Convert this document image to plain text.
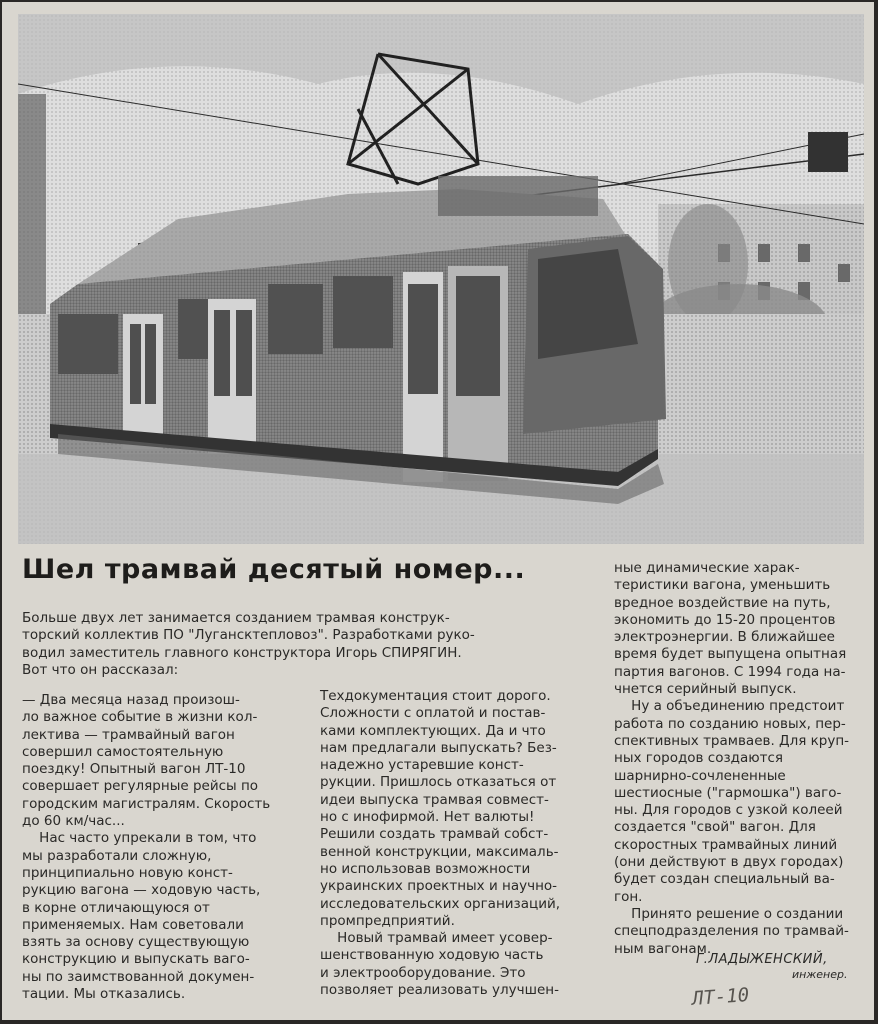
Шел трамвай десятый номер...

Больше двух лет занимается созданием трамвая конструк-

торский коллектив ПО "Лугансктепловоз". Разработками руко-

водил заместитель главного конструктора Игорь СПИРЯГИН.

Вот что он рассказал:

— Два месяца назад произош-

ло важное событие в жизни кол-

лектива — трамвайный вагон

совершил самостоятельную

поездку! Опытный вагон ЛТ-10

совершает регулярные рейсы по

городским магистралям. Скорость

до 60 км/час...

Нас часто упрекали в том, что

мы разработали сложную,

принципиально новую конст-

рукцию вагона — ходовую часть,

в корне отличающуюся от

применяемых. Нам советовали

взять за основу существующую

конструкцию и выпускать ваго-

ны по заимствованной докумен-

тации. Мы отказались.

Техдокументация стоит дорого.

Сложности с оплатой и постав-

ками комплектующих. Да и что

нам предлагали выпускать? Без-

надежно устаревшие конст-

рукции. Пришлось отказаться от

идеи выпуска трамвая совмест-

но с инофирмой. Нет валюты!

Решили создать трамвай собст-

венной конструкции, максималь-

но использовав возможности

украинских проектных и научно-

исследовательских организаций,

промпредприятий.

Новый трамвай имеет усовер-

шенствованную ходовую часть

и электрооборудование. Это

позволяет реализовать улучшен-

ные динамические харак-

теристики вагона, уменьшить

вредное воздействие на путь,

экономить до 15-20 процентов

электроэнергии. В ближайшее

время будет выпущена опытная

партия вагонов. С 1994 года на-

чнется серийный выпуск.

Ну а объединению предстоит

работа по созданию новых, пер-

спективных трамваев. Для круп-

ных городов создаются

шарнирно-сочлененные

шестиосные ("гармошка") ваго-

ны. Для городов с узкой колеей

создается "свой" вагон. Для

скоростных трамвайных линий

(они действуют в двух городах)

будет создан специальный ва-

гон.

Принято решение о создании

спецподразделения по трамвай-

ным вагонам.

Г.ЛАДЫЖЕНСКИЙ,
инженер.
ЛТ-10
